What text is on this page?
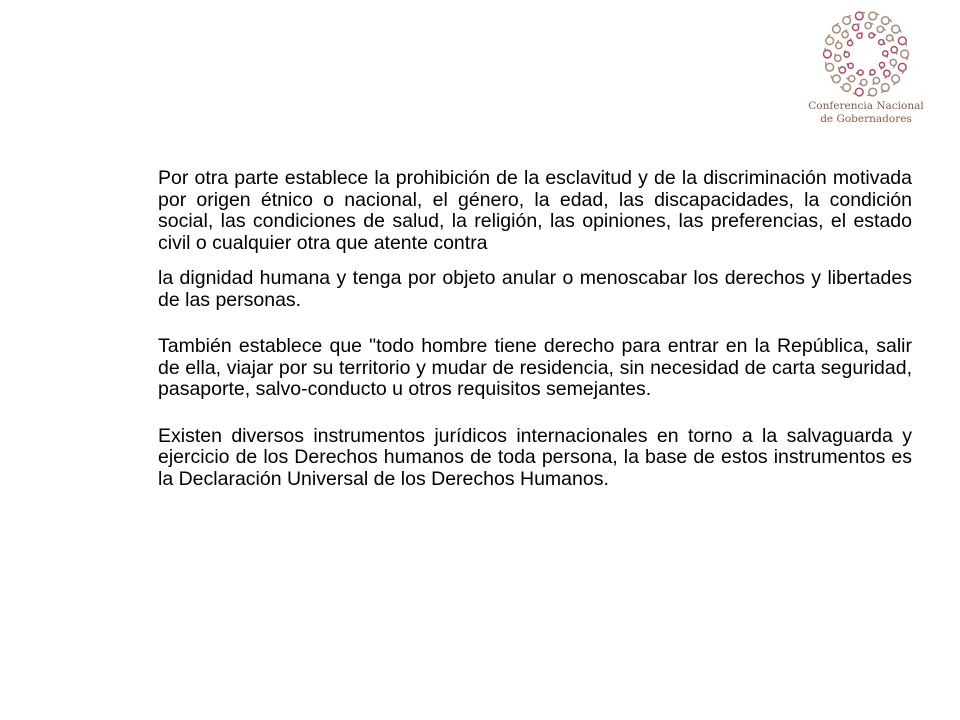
Conferencia Nacional
de Gobernadores

Por otra parte establece la prohibición de la esclavitud y de la discriminación motivada por origen étnico o nacional, el género, la edad, las discapacidades, la condición social, las condiciones de salud, la religión, las opiniones, las preferencias, el estado civil o cualquier otra que atente contra

la dignidad humana y tenga por objeto anular o menoscabar los derechos y libertades de las personas.

También establece que "todo hombre tiene derecho para entrar en la República, salir de ella, viajar por su territorio y mudar de residencia, sin necesidad de carta seguridad, pasaporte, salvo-conducto u otros requisitos semejantes.

Existen diversos instrumentos jurídicos internacionales en torno a la salvaguarda y ejercicio de los Derechos humanos de toda persona, la base de estos instrumentos es la Declaración Universal de los Derechos Humanos.
